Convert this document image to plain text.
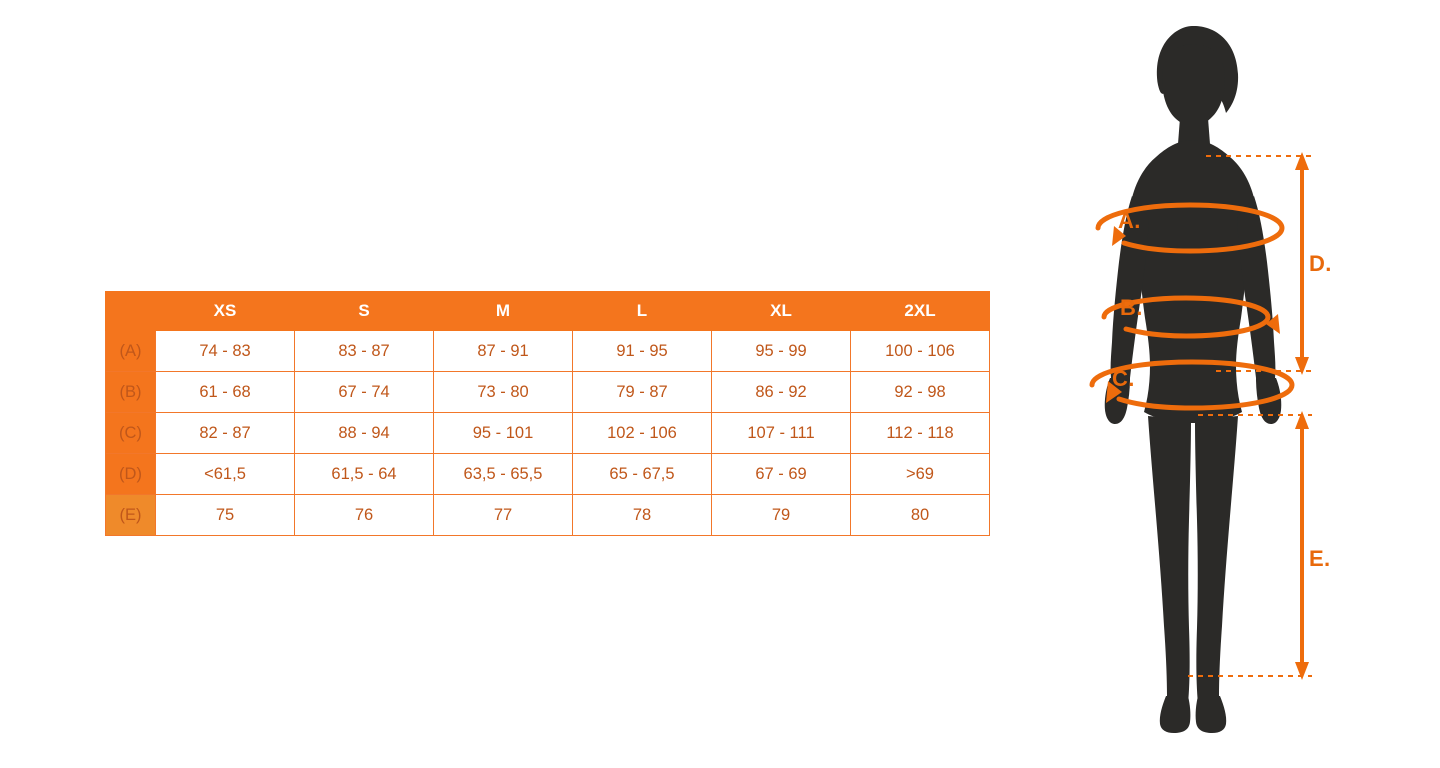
	XS	S	M	L	XL	2XL
(A)	74 - 83	83 - 87	87 - 91	91 - 95	95 - 99	100 - 106
(B)	61 - 68	67 - 74	73 - 80	79 - 87	86 - 92	92 - 98
(C)	82 - 87	88 - 94	95 - 101	102 - 106	107 - 111	112 - 118
(D)	<61,5	61,5 - 64	63,5 - 65,5	65 - 67,5	67 - 69	>69
(E)	75	76	77	78	79	80
A.
B.
C.
D.
E.
